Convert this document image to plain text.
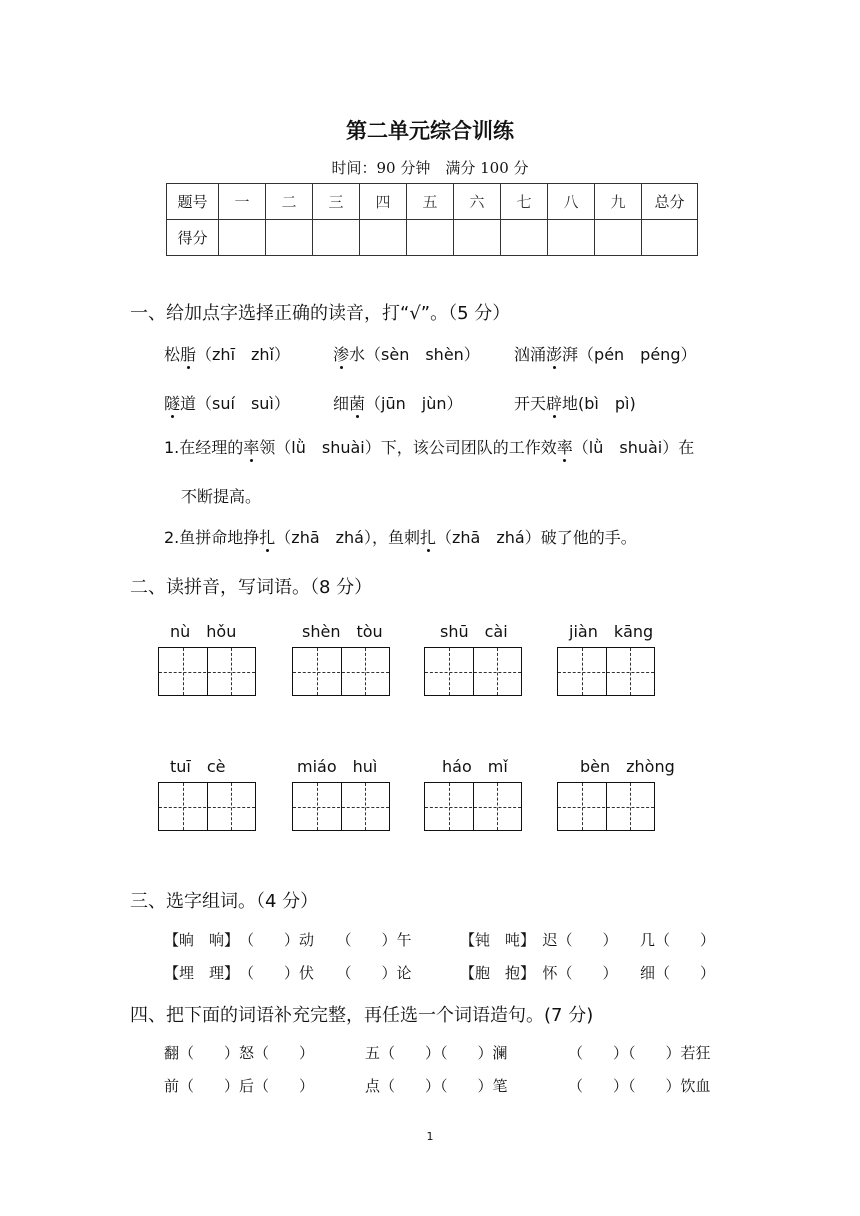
第二单元综合训练
时间：90 分钟　满分 100 分
题号	一	二	三	四	五	六	七	八	九	总分
得分										
一、给加点字选择正确的读音，打“√”。（5 分）
松脂（zhī　zhǐ）	渗水（sèn　shèn） 汹涌澎湃（pén　péng）
隧道（suí　suì）	细菌（jūn　jùn）	开天辟地(bì　pì)
1.在经理的率领（lǜ　shuài）下，该公司团队的工作效率（lǜ　shuài）在
不断提高。
2.鱼拼命地挣扎（zhā　zhá），鱼刺扎（zhā　zhá）破了他的手。
二、读拼音，写词语。（8 分）
nù　hǒu	shèn　tòu	shū　cài	jiàn　kāng
tuī　cè	miáo　huì	háo　mǐ	bèn　zhòng
三、选字组词。（4 分）
【晌　响】　（　　）动　　（　　）午	【钝　吨】　迟（　　）　　几（　　）
【埋　理】　（　　）伏　　（　　）论	【胞　抱】　怀（　　）　　细（　　）
四、把下面的词语补充完整，再任选一个词语造句。(7 分)
翻（　　）怒（　　）	五（　　）（　　）澜	（　　）（　　）若狂
前（　　）后（　　）	点（　　）（　　）笔	（　　）（　　）饮血
1
